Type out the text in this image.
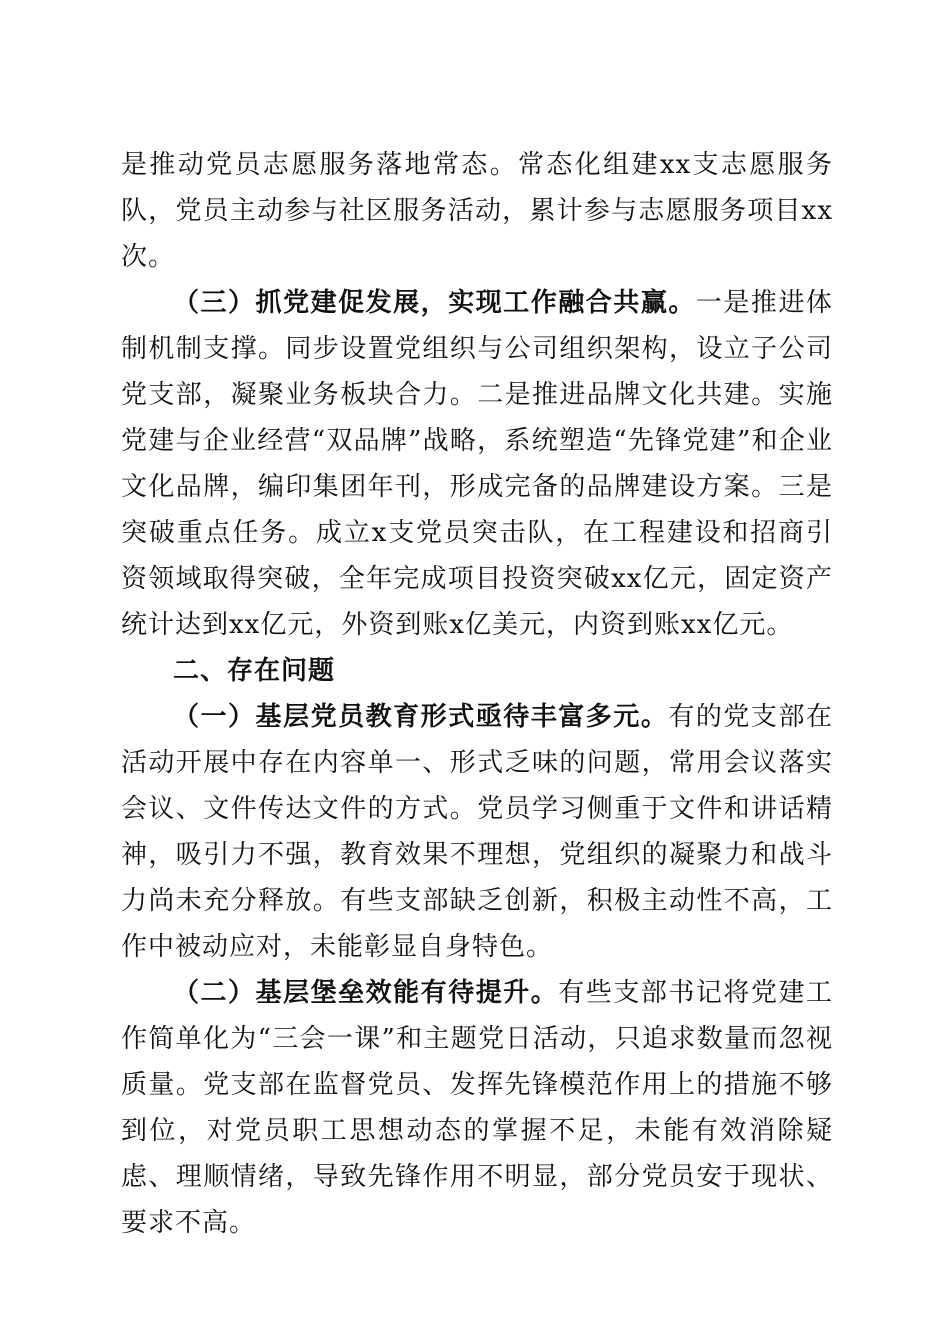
是推动党员志愿服务落地常态。常态化组建xx支志愿服务队，党员主动参与社区服务活动，累计参与志愿服务项目xx次。

（三）抓党建促发展，实现工作融合共赢。一是推进体制机制支撑。同步设置党组织与公司组织架构，设立子公司党支部，凝聚业务板块合力。二是推进品牌文化共建。实施党建与企业经营“双品牌”战略，系统塑造“先锋党建”和企业文化品牌，编印集团年刊，形成完备的品牌建设方案。三是突破重点任务。成立x支党员突击队，在工程建设和招商引资领域取得突破，全年完成项目投资突破xx亿元，固定资产统计达到xx亿元，外资到账x亿美元，内资到账xx亿元。

二、存在问题

（一）基层党员教育形式亟待丰富多元。有的党支部在活动开展中存在内容单一、形式乏味的问题，常用会议落实会议、文件传达文件的方式。党员学习侧重于文件和讲话精神，吸引力不强，教育效果不理想，党组织的凝聚力和战斗力尚未充分释放。有些支部缺乏创新，积极主动性不高，工作中被动应对，未能彰显自身特色。

（二）基层堡垒效能有待提升。有些支部书记将党建工作简单化为“三会一课”和主题党日活动，只追求数量而忽视质量。党支部在监督党员、发挥先锋模范作用上的措施不够到位，对党员职工思想动态的掌握不足，未能有效消除疑虑、理顺情绪，导致先锋作用不明显，部分党员安于现状、要求不高。
